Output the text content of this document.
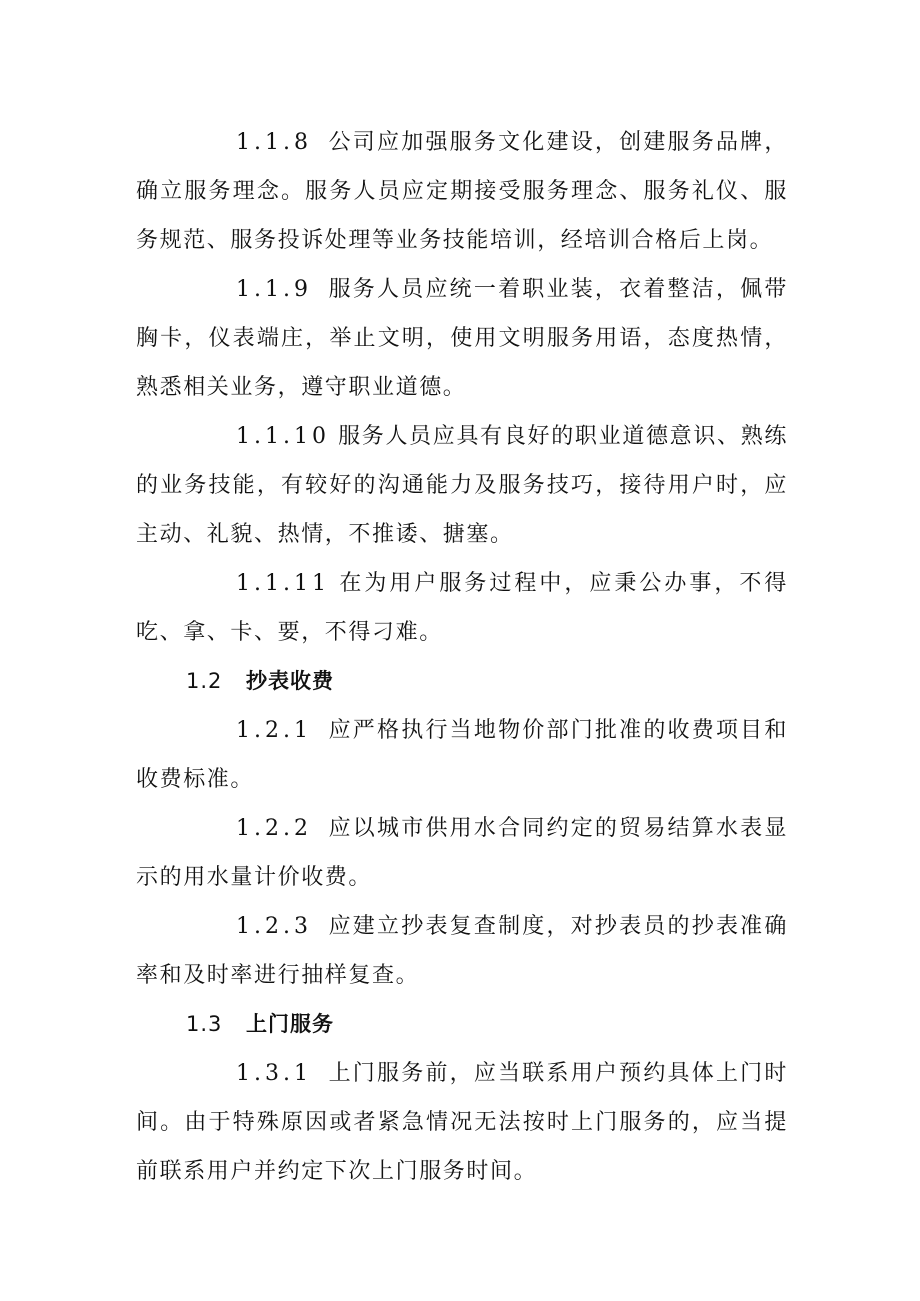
1.1.8 公司应加强服务文化建设，创建服务品牌，确立服务理念。服务人员应定期接受服务理念、服务礼仪、服务规范、服务投诉处理等业务技能培训，经培训合格后上岗。

1.1.9 服务人员应统一着职业装，衣着整洁，佩带胸卡，仪表端庄，举止文明，使用文明服务用语，态度热情，熟悉相关业务，遵守职业道德。

1.1.10 服务人员应具有良好的职业道德意识、熟练的业务技能，有较好的沟通能力及服务技巧，接待用户时，应主动、礼貌、热情，不推诿、搪塞。

1.1.11 在为用户服务过程中，应秉公办事，不得吃、拿、卡、要，不得刁难。

1.2 抄表收费

1.2.1 应严格执行当地物价部门批准的收费项目和收费标准。

1.2.2 应以城市供用水合同约定的贸易结算水表显示的用水量计价收费。

1.2.3 应建立抄表复查制度，对抄表员的抄表准确率和及时率进行抽样复查。

1.3 上门服务

1.3.1 上门服务前，应当联系用户预约具体上门时间。由于特殊原因或者紧急情况无法按时上门服务的，应当提前联系用户并约定下次上门服务时间。
